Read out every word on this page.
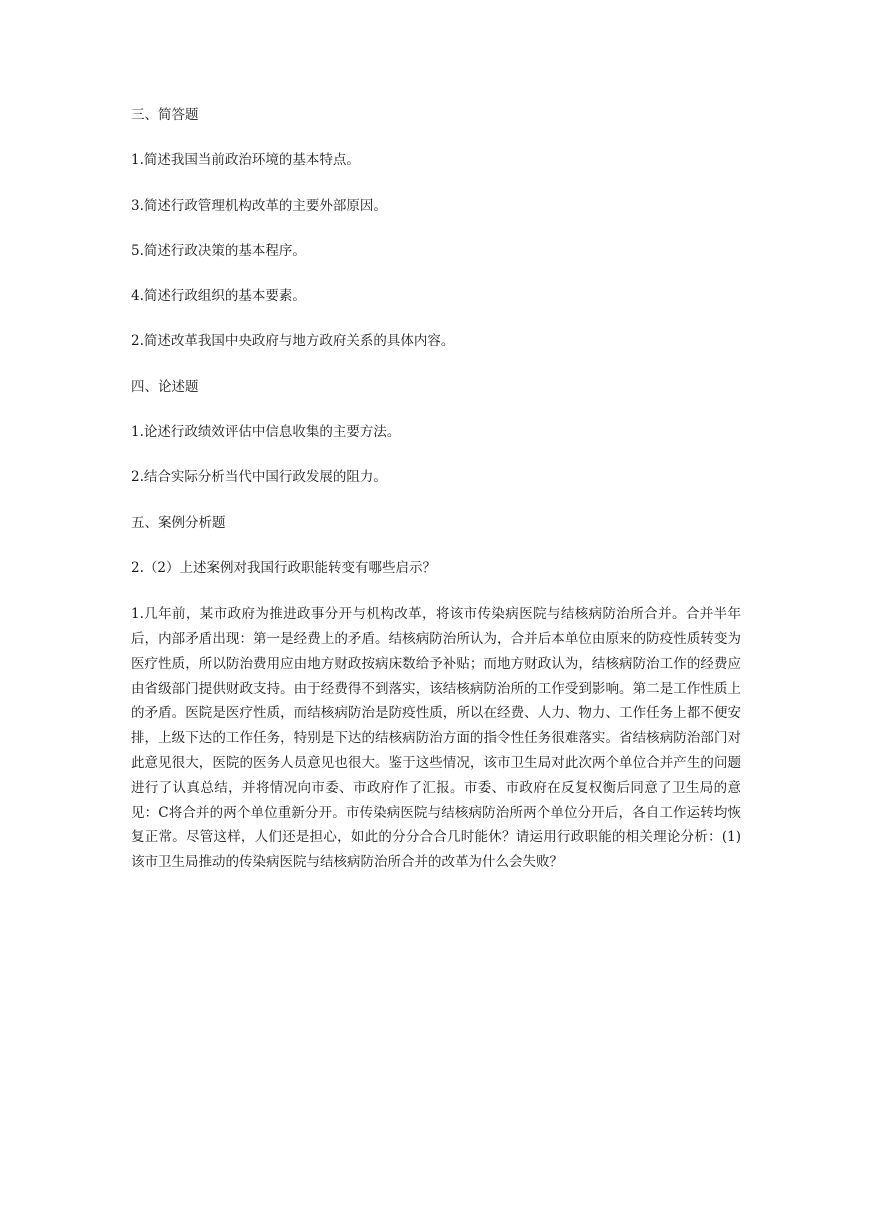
三、简答题
1.简述我国当前政治环境的基本特点。
3.简述行政管理机构改革的主要外部原因。
5.简述行政决策的基本程序。
4.简述行政组织的基本要素。
2.简述改革我国中央政府与地方政府关系的具体内容。
四、论述题
1.论述行政绩效评估中信息收集的主要方法。
2.结合实际分析当代中国行政发展的阻力。
五、案例分析题
2.（2）上述案例对我国行政职能转变有哪些启示？

1.几年前，某市政府为推进政事分开与机构改革，将该市传染病医院与结核病防治所合并。合并半年后，内部矛盾出现：第一是经费上的矛盾。结核病防治所认为，合并后本单位由原来的防疫性质转变为医疗性质，所以防治费用应由地方财政按病床数给予补贴；而地方财政认为，结核病防治工作的经费应由省级部门提供财政支持。由于经费得不到落实，该结核病防治所的工作受到影响。第二是工作性质上的矛盾。医院是医疗性质，而结核病防治是防疫性质，所以在经费、人力、物力、工作任务上都不便安排，上级下达的工作任务，特别是下达的结核病防治方面的指令性任务很难落实。省结核病防治部门对此意见很大，医院的医务人员意见也很大。鉴于这些情况，该市卫生局对此次两个单位合并产生的问题进行了认真总结，并将情况向市委、市政府作了汇报。市委、市政府在反复权衡后同意了卫生局的意见：C将合并的两个单位重新分开。市传染病医院与结核病防治所两个单位分开后，各自工作运转均恢复正常。尽管这样，人们还是担心，如此的分分合合几时能休？请运用行政职能的相关理论分析：(1)该市卫生局推动的传染病医院与结核病防治所合并的改革为什么会失败？
